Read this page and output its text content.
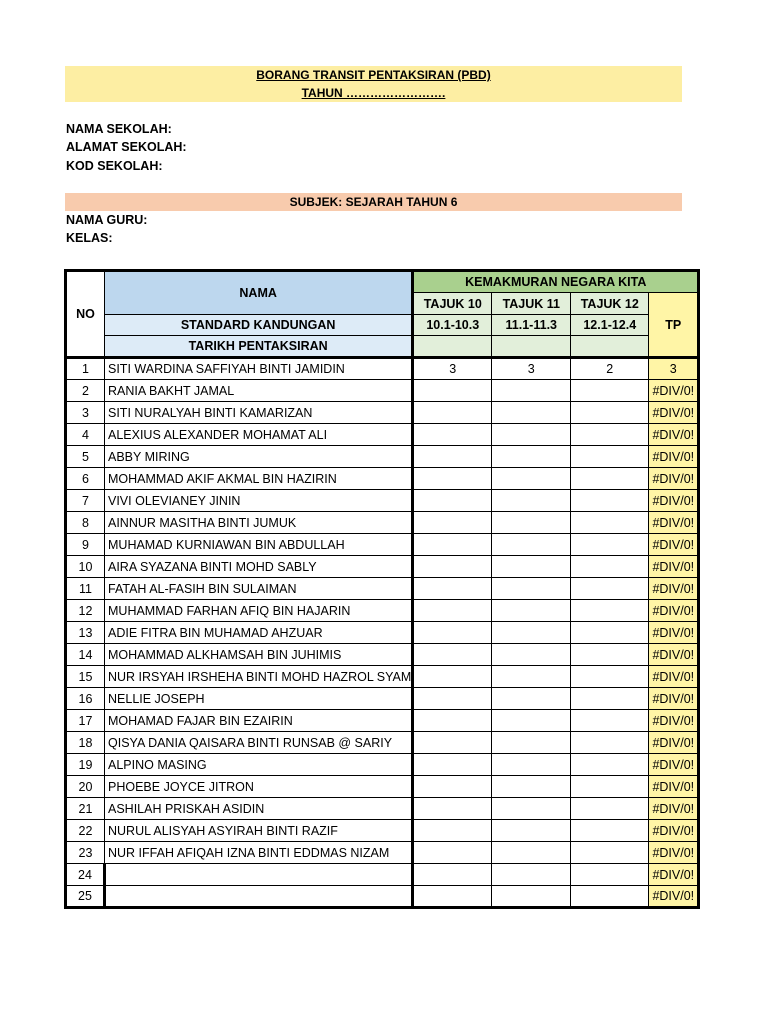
BORANG TRANSIT PENTAKSIRAN (PBD)
TAHUN …………………….
NAMA SEKOLAH:
ALAMAT SEKOLAH:
KOD SEKOLAH:
SUBJEK: SEJARAH TAHUN 6
NAMA GURU:
KELAS:
NO	NAMA	KEMAKMURAN NEGARA KITA			
		TAJUK 10	TAJUK 11	TAJUK 12	TP
	STANDARD KANDUNGAN	10.1-10.3	11.1-11.3	12.1-12.4	
	TARIKH PENTAKSIRAN				
1	SITI WARDINA SAFFIYAH BINTI JAMIDIN	3	3	2	3
2	RANIA BAKHT JAMAL				#DIV/0!
3	SITI NURALYAH BINTI KAMARIZAN				#DIV/0!
4	ALEXIUS ALEXANDER MOHAMAT ALI				#DIV/0!
5	ABBY MIRING				#DIV/0!
6	MOHAMMAD AKIF AKMAL BIN HAZIRIN				#DIV/0!
7	VIVI OLEVIANEY JININ				#DIV/0!
8	AINNUR MASITHA BINTI JUMUK				#DIV/0!
9	MUHAMAD KURNIAWAN BIN ABDULLAH				#DIV/0!
10	AIRA SYAZANA BINTI MOHD SABLY				#DIV/0!
11	FATAH AL-FASIH BIN SULAIMAN				#DIV/0!
12	MUHAMMAD FARHAN AFIQ BIN HAJARIN				#DIV/0!
13	ADIE FITRA BIN MUHAMAD AHZUAR				#DIV/0!
14	MOHAMMAD ALKHAMSAH BIN JUHIMIS				#DIV/0!
15	NUR IRSYAH IRSHEHA BINTI MOHD HAZROL SYAM				#DIV/0!
16	NELLIE JOSEPH				#DIV/0!
17	MOHAMAD FAJAR BIN EZAIRIN				#DIV/0!
18	QISYA DANIA QAISARA BINTI RUNSAB @ SARIY				#DIV/0!
19	ALPINO MASING				#DIV/0!
20	PHOEBE JOYCE JITRON				#DIV/0!
21	ASHILAH PRISKAH ASIDIN				#DIV/0!
22	NURUL ALISYAH ASYIRAH BINTI RAZIF				#DIV/0!
23	NUR IFFAH AFIQAH IZNA BINTI EDDMAS NIZAM				#DIV/0!
24					#DIV/0!
25					#DIV/0!
